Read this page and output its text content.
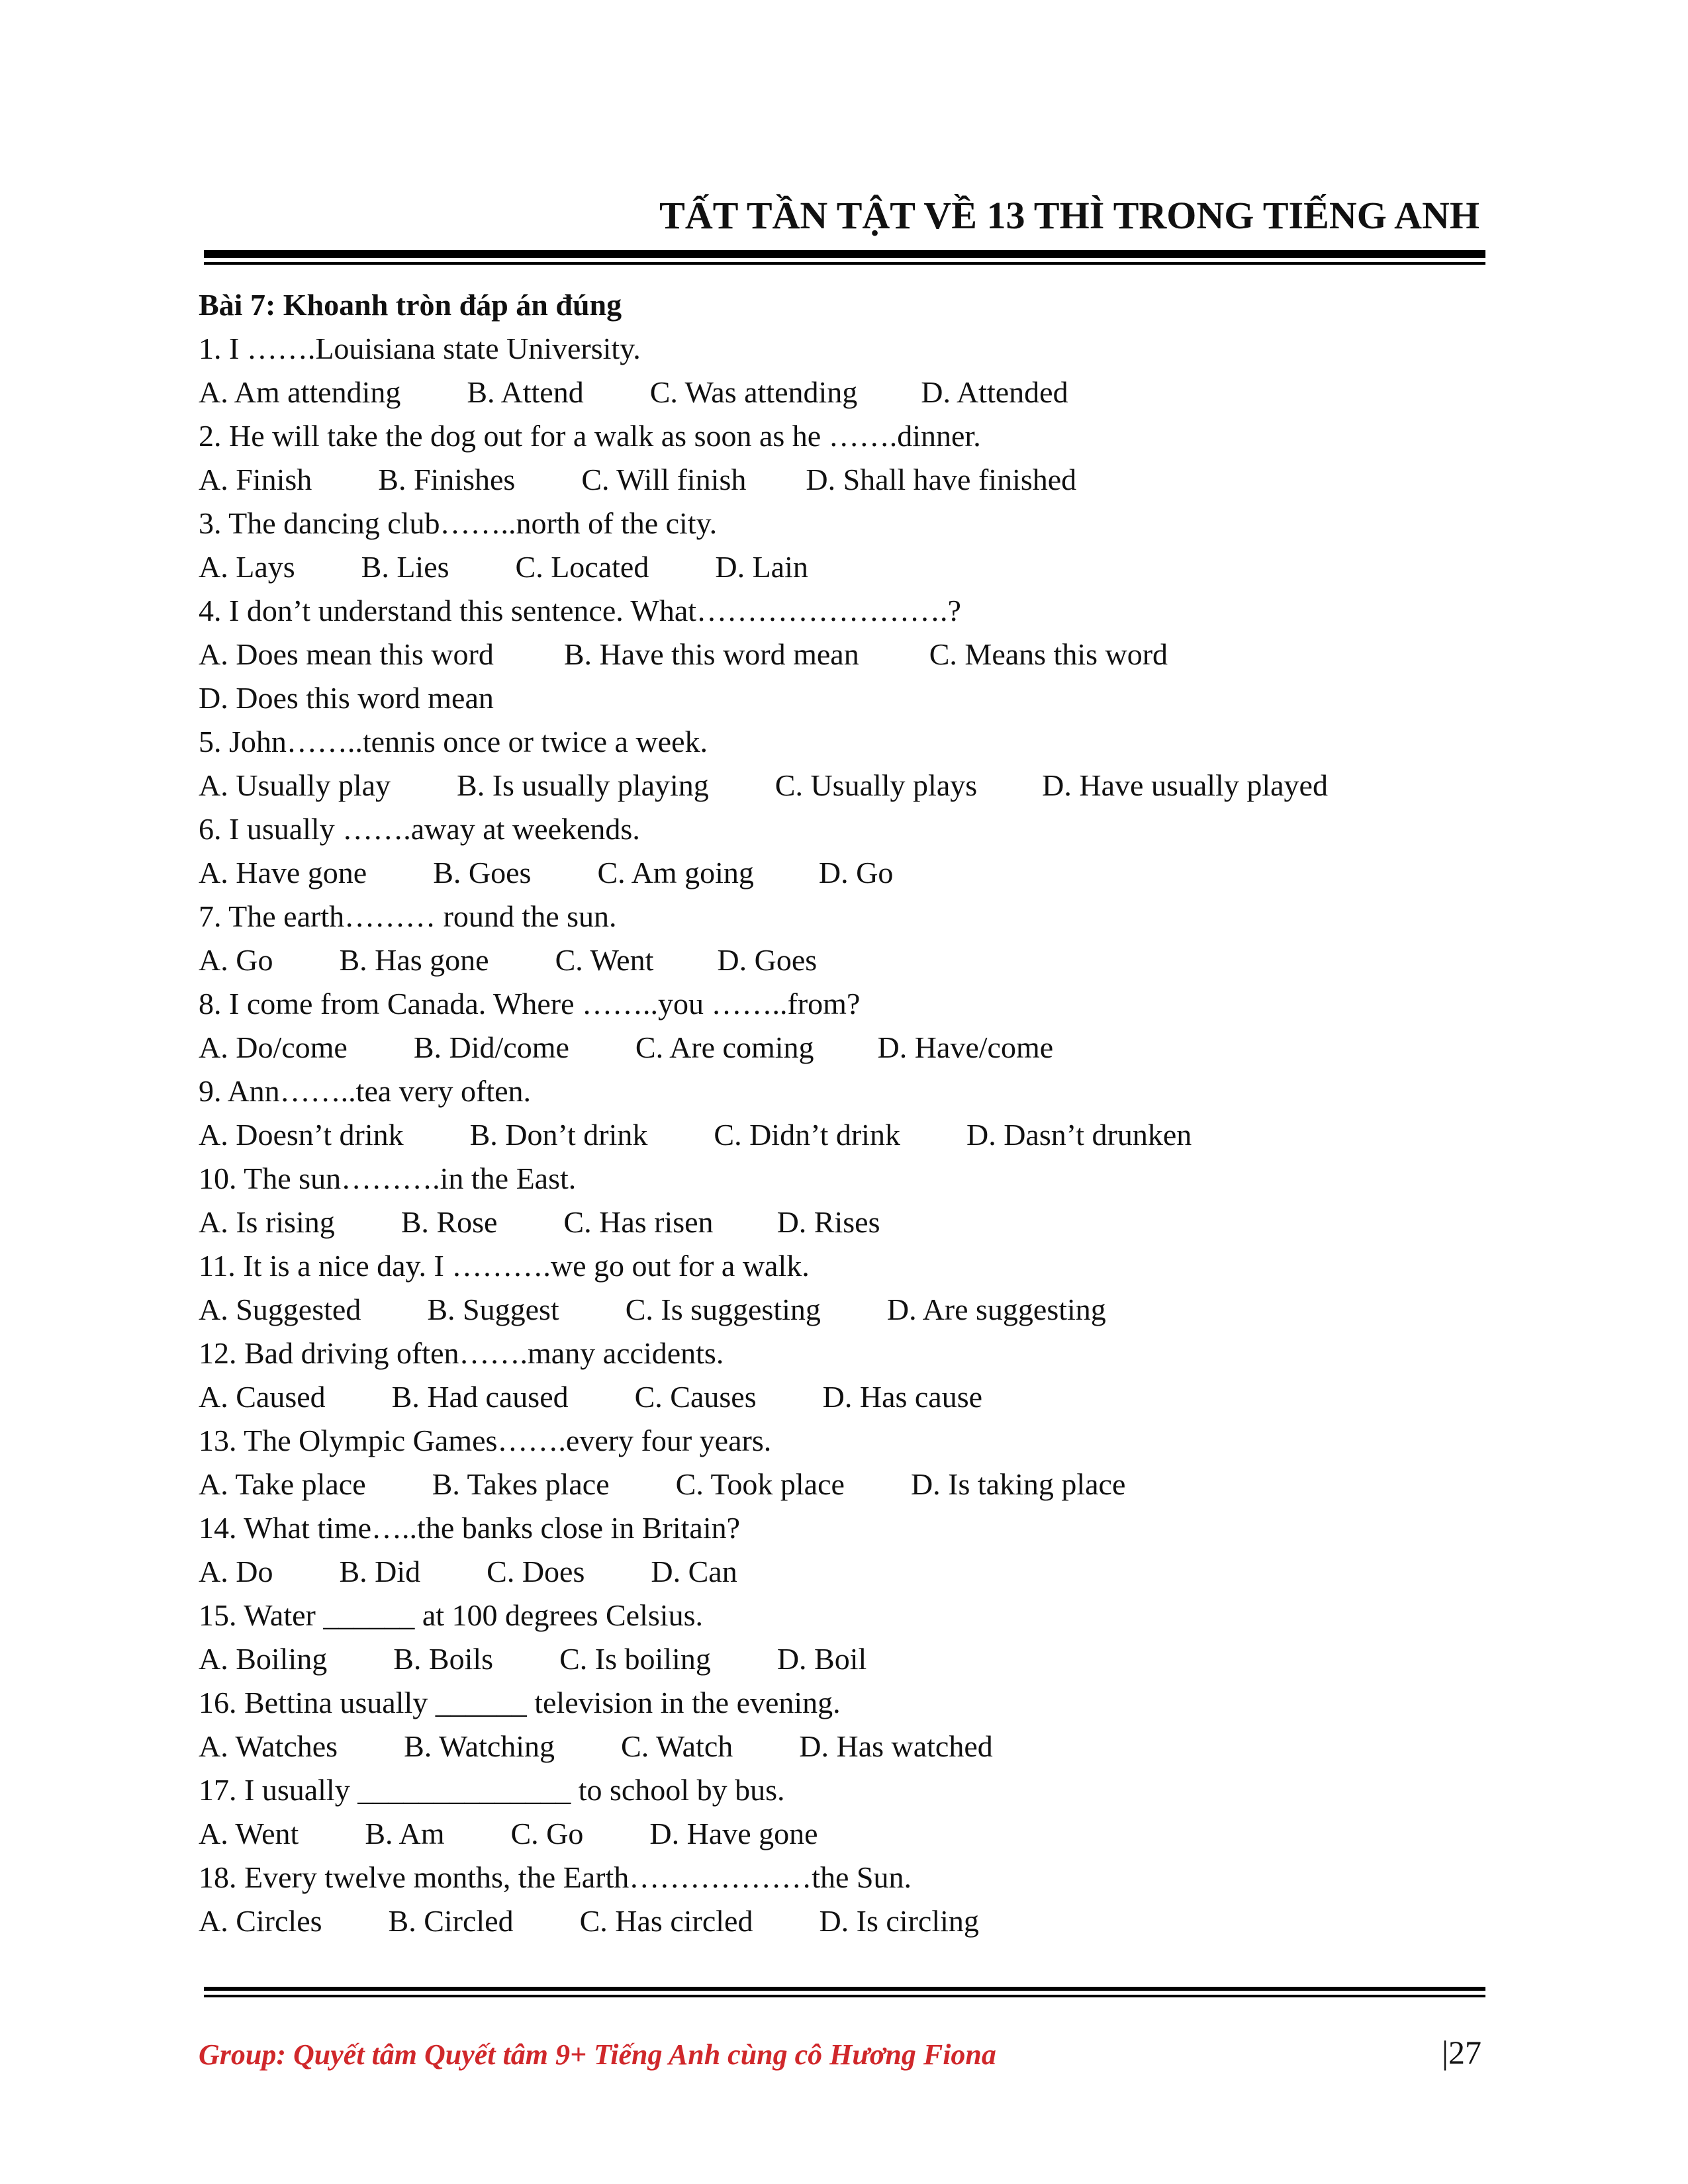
TẤT TẦN TẬT VỀ 13 THÌ TRONG TIẾNG ANH
Bài 7: Khoanh tròn đáp án đúng
1. I …….Louisiana state University.
A. Am attending B. Attend C. Was attending D. Attended
2. He will take the dog out for a walk as soon as he …….dinner.
A. Finish B. Finishes C. Will finish D. Shall have finished
3. The dancing club……..north of the city.
A. Lays B. Lies C. Located D. Lain
4. I don’t understand this sentence. What…………………….?
A. Does mean this word B. Have this word mean C. Means this wordD. Does this word mean
5. John……..tennis once or twice a week.
A. Usually play B. Is usually playing C. Usually plays D. Have usually played
6. I usually …….away at weekends.
A. Have gone B. Goes C. Am going D. Go
7. The earth……… round the sun.
A. Go B. Has gone C. Went D. Goes
8. I come from Canada. Where ……..you ……..from?
A. Do/come B. Did/come C. Are coming D. Have/come
9. Ann……..tea very often.
A. Doesn’t drink B. Don’t drink C. Didn’t drink D. Dasn’t drunken
10. The sun……….in the East.
A. Is rising B. Rose C. Has risen D. Rises
11. It is a nice day. I ……….we go out for a walk.
A. Suggested B. Suggest C. Is suggesting D. Are suggesting
12. Bad driving often…….many accidents.
A. Caused B. Had caused C. Causes D. Has cause
13. The Olympic Games…….every four years.
A. Take place B. Takes place C. Took place D. Is taking place
14. What time…..the banks close in Britain?
A. Do B. Did C. Does D. Can
15. Water ______ at 100 degrees Celsius.
A. Boiling B. Boils C. Is boiling D. Boil
16. Bettina usually ______ television in the evening.
A. Watches B. Watching C. Watch D. Has watched
17. I usually ______________ to school by bus.
A. Went B. Am C. Go D. Have gone
18. Every twelve months, the Earth………………the Sun.
A. Circles B. Circled C. Has circled D. Is circling
Group: Quyết tâm Quyết tâm 9+ Tiếng Anh cùng cô Hương Fiona	|27
